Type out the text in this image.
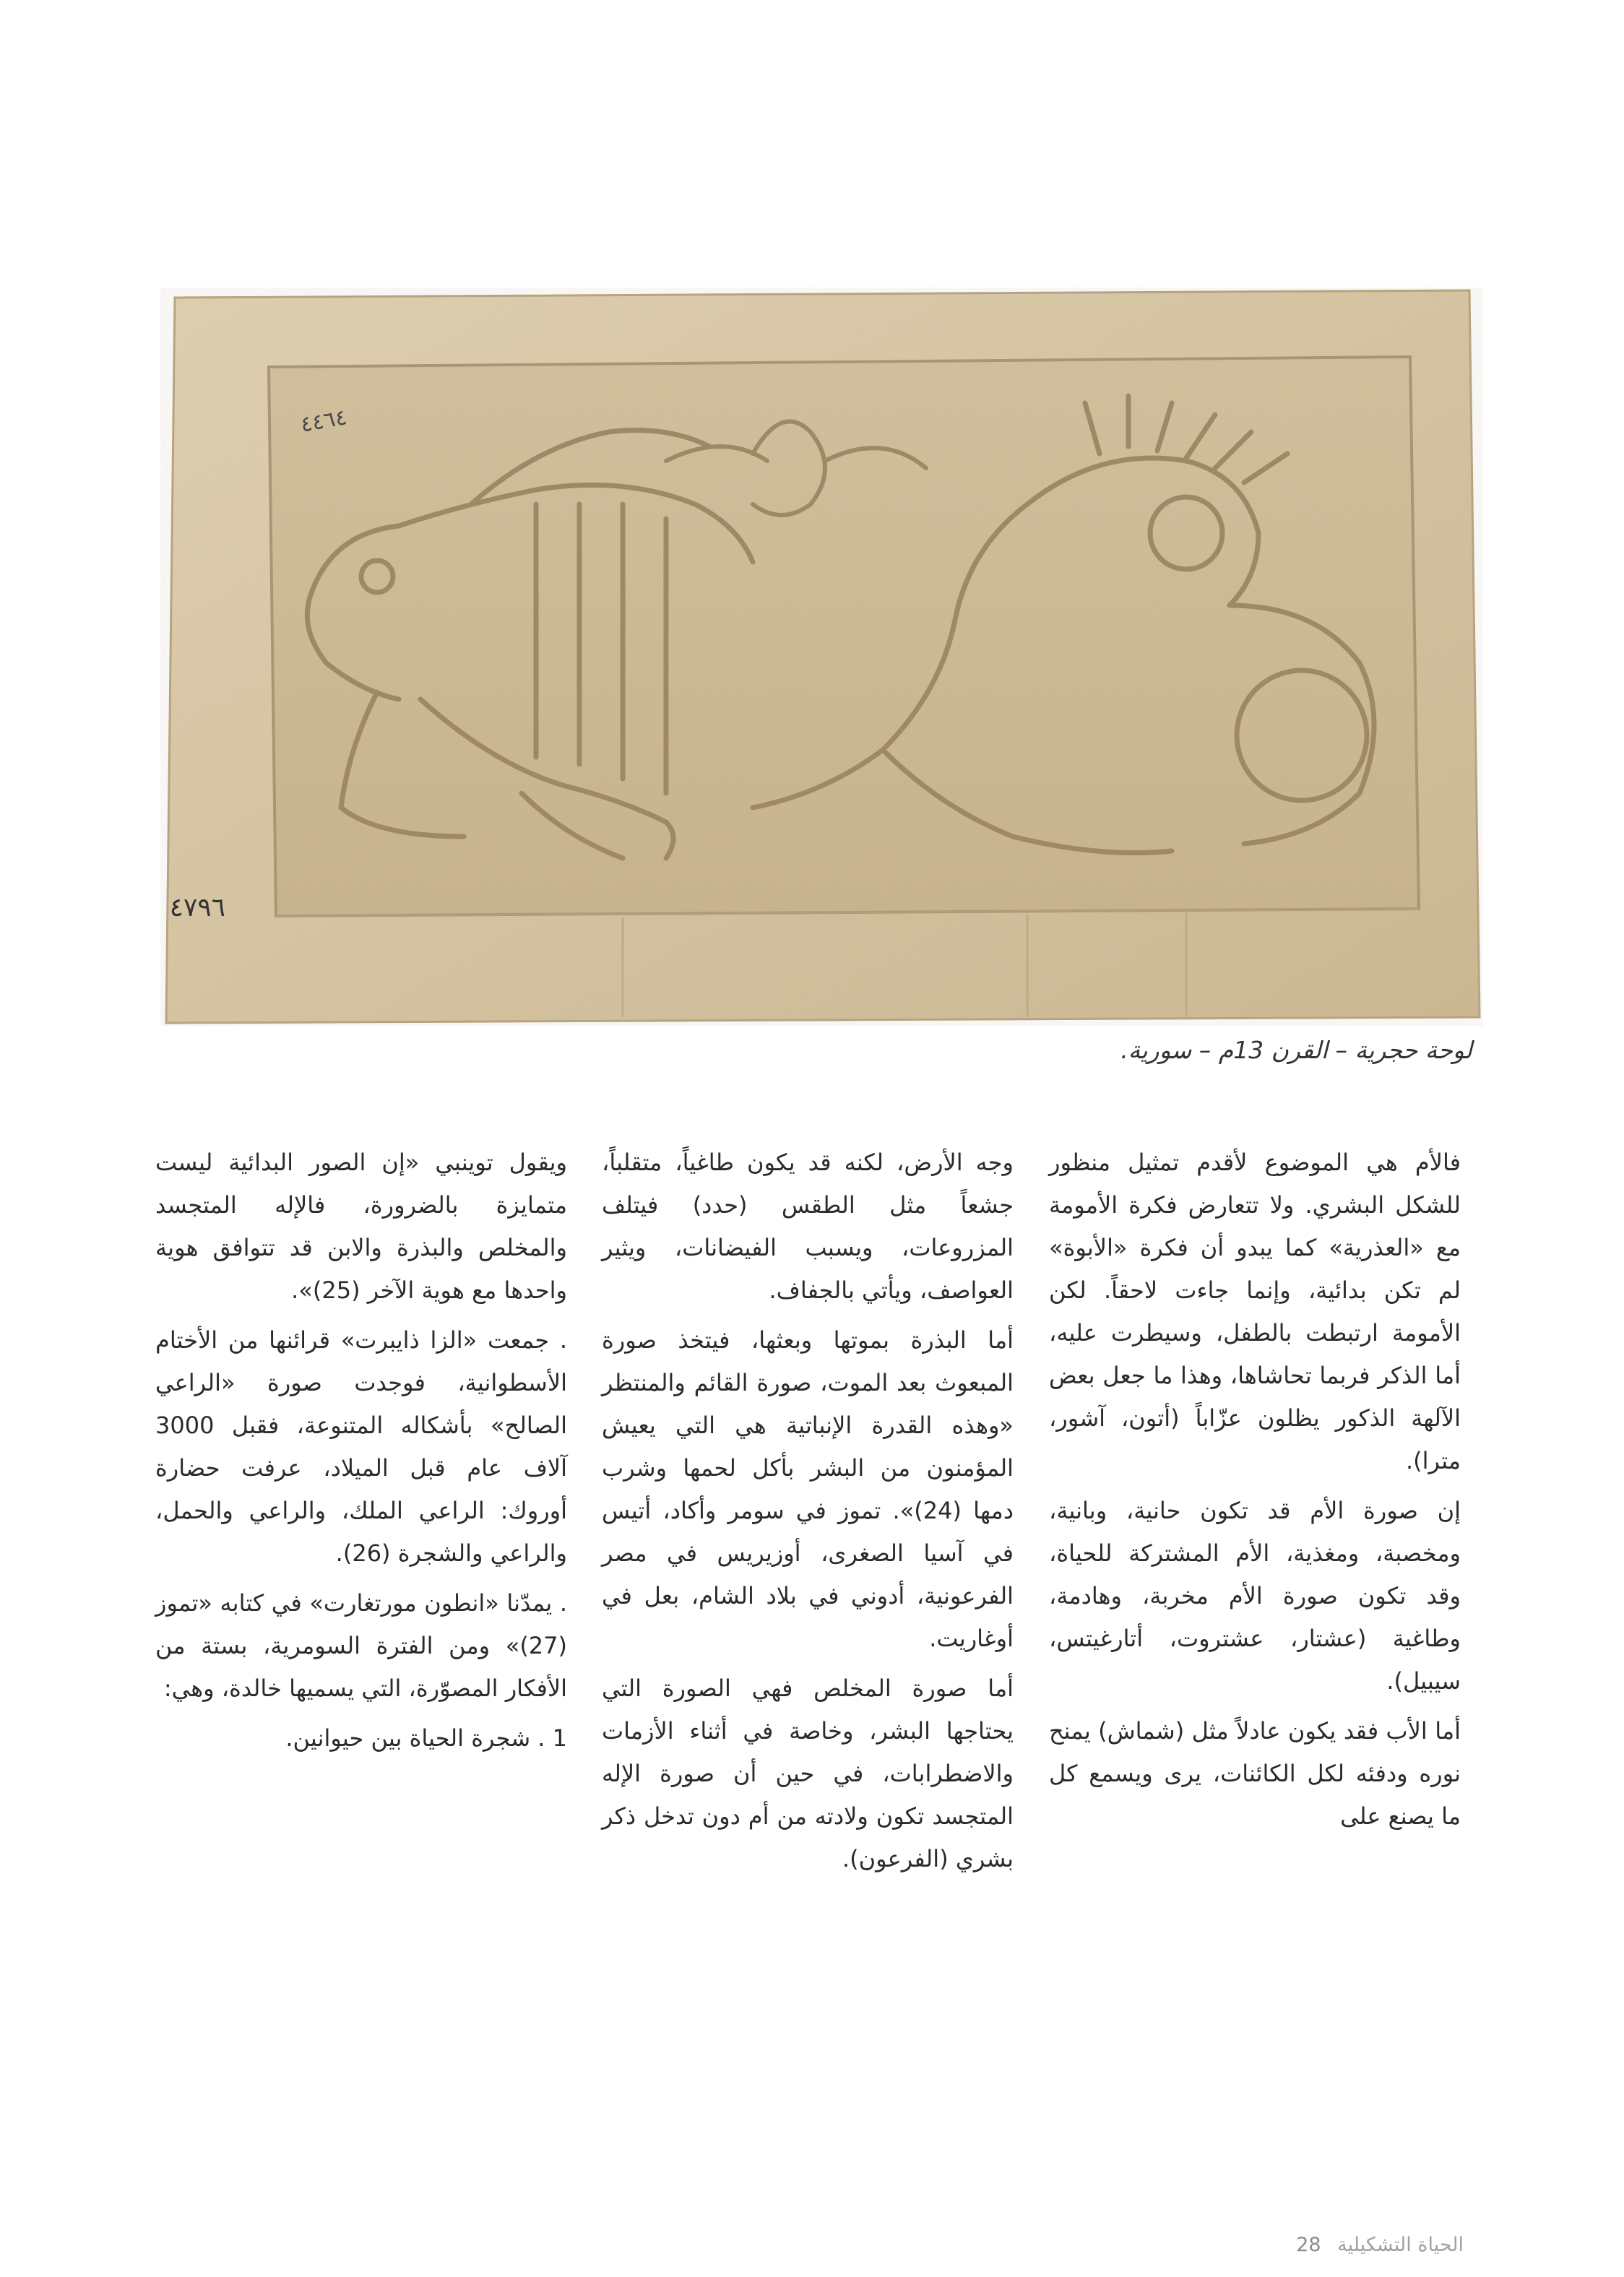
٤٧٩٦
٤٤٦٤
لوحة حجرية – القرن 13م – سورية.

فالأم هي الموضوع لأقدم تمثيل منظور للشكل البشري. ولا تتعارض فكرة الأمومة مع «العذرية» كما يبدو أن فكرة «الأبوة» لم تكن بدائية، وإنما جاءت لاحقاً. لكن الأمومة ارتبطت بالطفل، وسيطرت عليه، أما الذكر فربما تحاشاها، وهذا ما جعل بعض الآلهة الذكور يظلون عزّاباً (أتون، آشور، مترا).

إن صورة الأم قد تكون حانية، وبانية، ومخصبة، ومغذية، الأم المشتركة للحياة، وقد تكون صورة الأم مخربة، وهادمة، وطاغية (عشتار، عشتروت، أتارغيتس، سيبيل).

أما الأب فقد يكون عادلاً مثل (شماش) يمنح نوره ودفئه لكل الكائنات، يرى ويسمع كل ما يصنع على

وجه الأرض، لكنه قد يكون طاغياً، متقلباً، جشعاً مثل الطقس (حدد) فيتلف المزروعات، ويسبب الفيضانات، ويثير العواصف، ويأتي بالجفاف.

أما البذرة بموتها وبعثها، فيتخذ صورة المبعوث بعد الموت، صورة القائم والمنتظر «وهذه القدرة الإنباتية هي التي يعيش المؤمنون من البشر بأكل لحمها وشرب دمها (24)». تموز في سومر وأكاد، أتيس في آسيا الصغرى، أوزيريس في مصر الفرعونية، أدوني في بلاد الشام، بعل في أوغاريت.

أما صورة المخلص فهي الصورة التي يحتاجها البشر، وخاصة في أثناء الأزمات والاضطرابات، في حين أن صورة الإله المتجسد تكون ولادته من أم دون تدخل ذكر بشري (الفرعون).

ويقول توينبي «إن الصور البدائية ليست متمايزة بالضرورة، فالإله المتجسد والمخلص والبذرة والابن قد تتوافق هوية واحدها مع هوية الآخر (25)».

. جمعت «الزا ذايبرت» قرائنها من الأختام الأسطوانية، فوجدت صورة «الراعي الصالح» بأشكاله المتنوعة، فقبل 3000 آلاف عام قبل الميلاد، عرفت حضارة أوروك: الراعي الملك، والراعي والحمل، والراعي والشجرة (26).

. يمدّنا «انطون مورتغارت» في كتابه «تموز (27)» ومن الفترة السومرية، بستة من الأفكار المصوّرة، التي يسميها خالدة، وهي:

1 . شجرة الحياة بين حيوانين.

الحياة التشكيلية 28
